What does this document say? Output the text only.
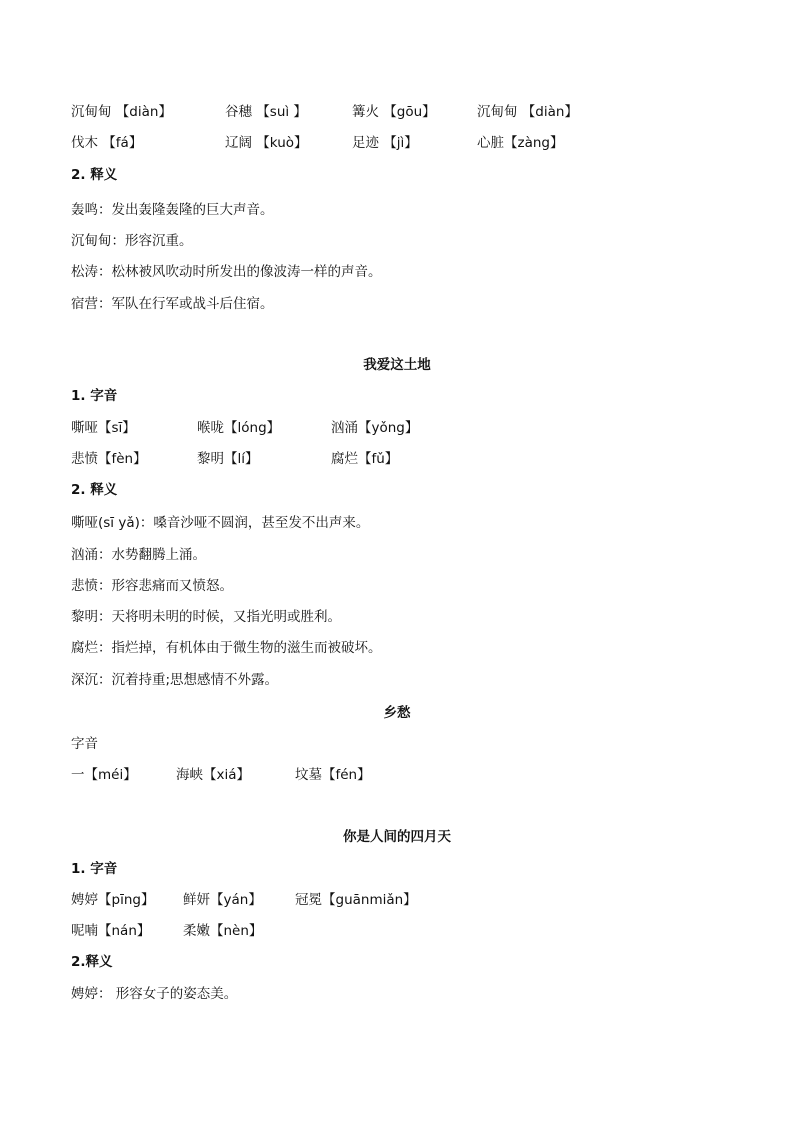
沉甸甸 【diàn】	谷穗 【suì 】	篝火 【gōu】	沉甸甸 【diàn】
伐木 【fá】	辽阔 【kuò】	足迹 【jì】	心脏【zàng】
2. 释义
轰鸣：发出轰隆轰隆的巨大声音。
沉甸甸：形容沉重。
松涛：松林被风吹动时所发出的像波涛一样的声音。
宿营：军队在行军或战斗后住宿。
我爱这土地
1. 字音
嘶哑【sī】	喉咙【lóng】	汹涌【yǒng】
悲愤【fèn】	黎明【lí】	腐烂【fǔ】
2. 释义
嘶哑(sī yǎ)：嗓音沙哑不圆润，甚至发不出声来。
汹涌：水势翻腾上涌。
悲愤：形容悲痛而又愤怒。
黎明：天将明未明的时候，又指光明或胜利。
腐烂：指烂掉，有机体由于微生物的滋生而被破坏。
深沉：沉着持重;思想感情不外露。
乡愁
字音
一【méi】	海峡【xiá】	坟墓【fén】
你是人间的四月天
1. 字音
娉婷【pīng】 鲜妍【yán】 冠冕【guānmiǎn】
呢喃【nán】 柔嫩【nèn】
2.释义
娉婷： 形容女子的姿态美。
